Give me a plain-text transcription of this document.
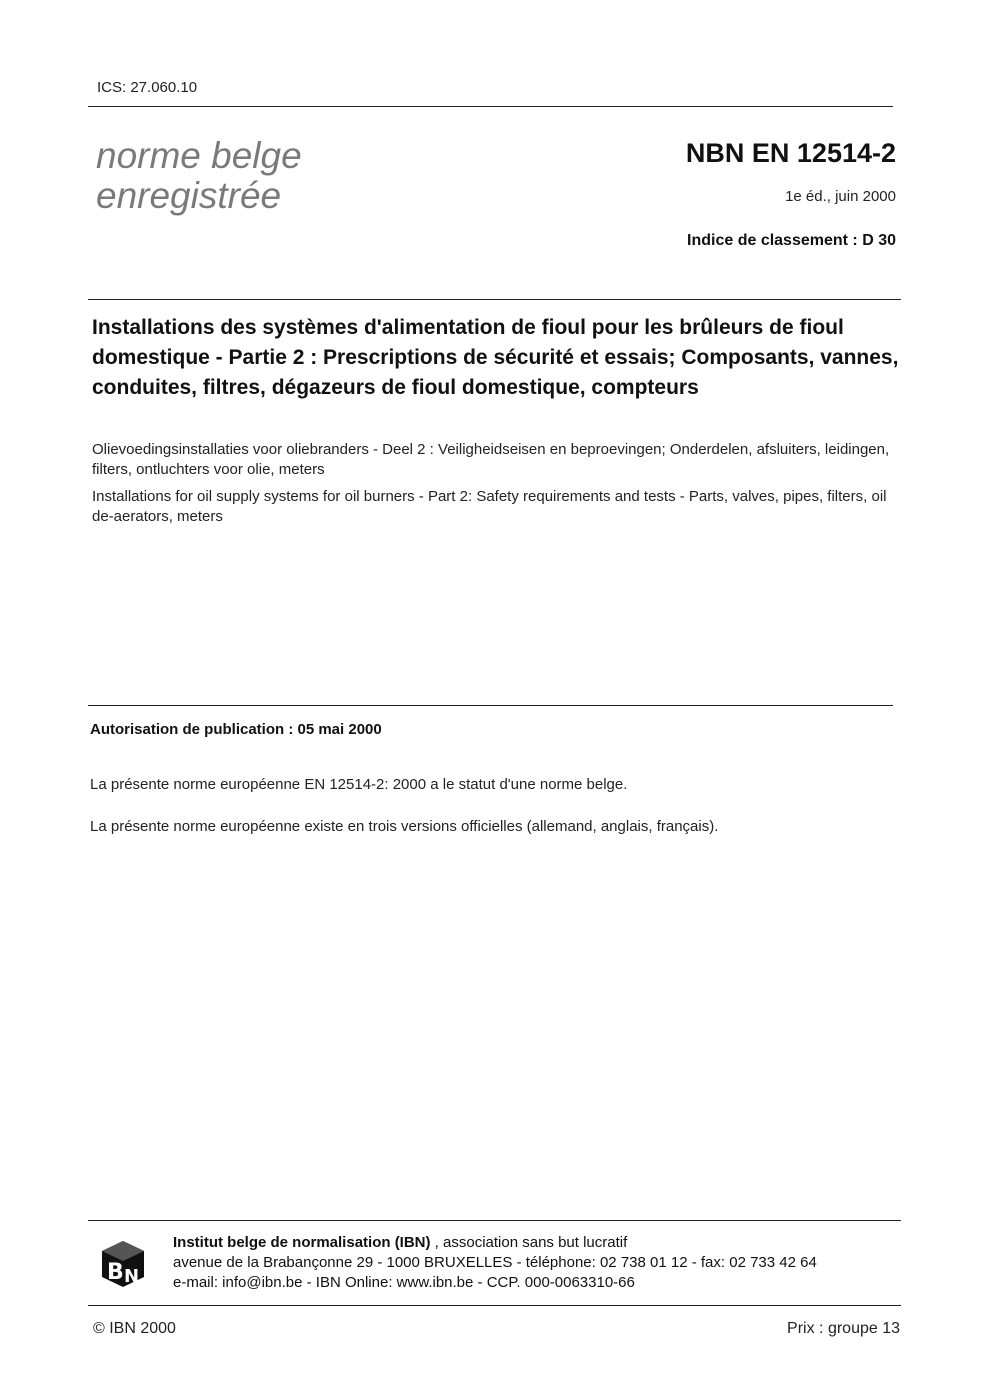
ICS: 27.060.10
norme belge
enregistrée
NBN EN 12514-2
1e éd., juin 2000
Indice de classement : D 30
Installations des systèmes d'alimentation de fioul pour les brûleurs de fioul domestique - Partie 2 : Prescriptions de sécurité et essais; Composants, vannes, conduites, filtres, dégazeurs de fioul domestique, compteurs
Olievoedingsinstallaties voor oliebranders - Deel 2 : Veiligheidseisen en beproevingen; Onderdelen, afsluiters, leidingen, filters, ontluchters voor olie, meters
Installations for oil supply systems for oil burners - Part 2: Safety requirements and tests - Parts, valves, pipes, filters, oil de-aerators, meters
Autorisation de publication : 05 mai 2000
La présente norme européenne EN 12514-2: 2000 a le statut d'une norme belge.
La présente norme européenne existe en trois versions officielles (allemand, anglais, français).
B N
Institut belge de normalisation (IBN) , association sans but lucratif
avenue de la Brabançonne 29 - 1000 BRUXELLES - téléphone: 02 738 01 12 - fax: 02 733 42 64
e-mail: info@ibn.be - IBN Online: www.ibn.be - CCP. 000-0063310-66
© IBN 2000	Prix : groupe 13
